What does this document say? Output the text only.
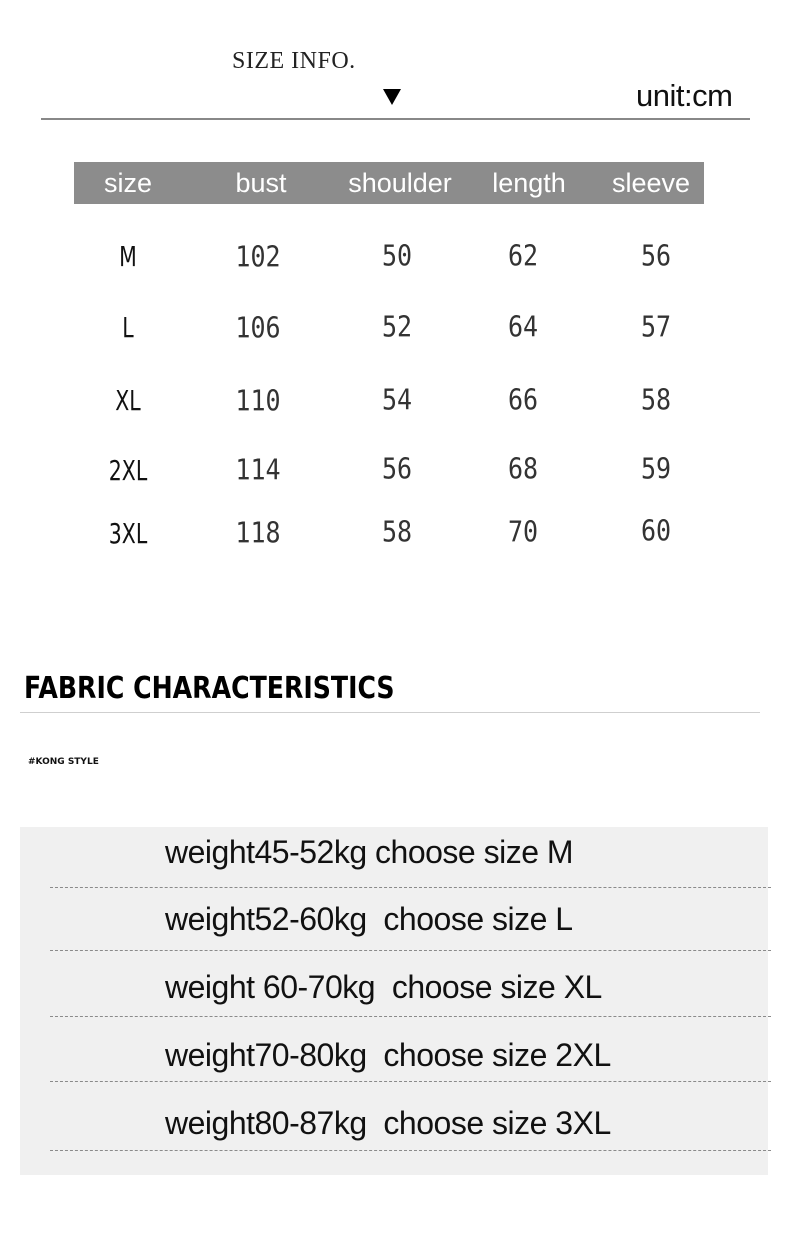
SIZE INFO.
unit:cm
size	bust	shoulder	length	sleeve
M	102	50	62	56
L	106	52	64	57
XL	110	54	66	58
2XL	114	56	68	59
3XL	118	58	70	60
FABRIC CHARACTERISTICS
#KONG STYLE
weight45-52kg choose size M
weight52-60kg  choose size L
weight 60-70kg  choose size XL
weight70-80kg  choose size 2XL
weight80-87kg  choose size 3XL
